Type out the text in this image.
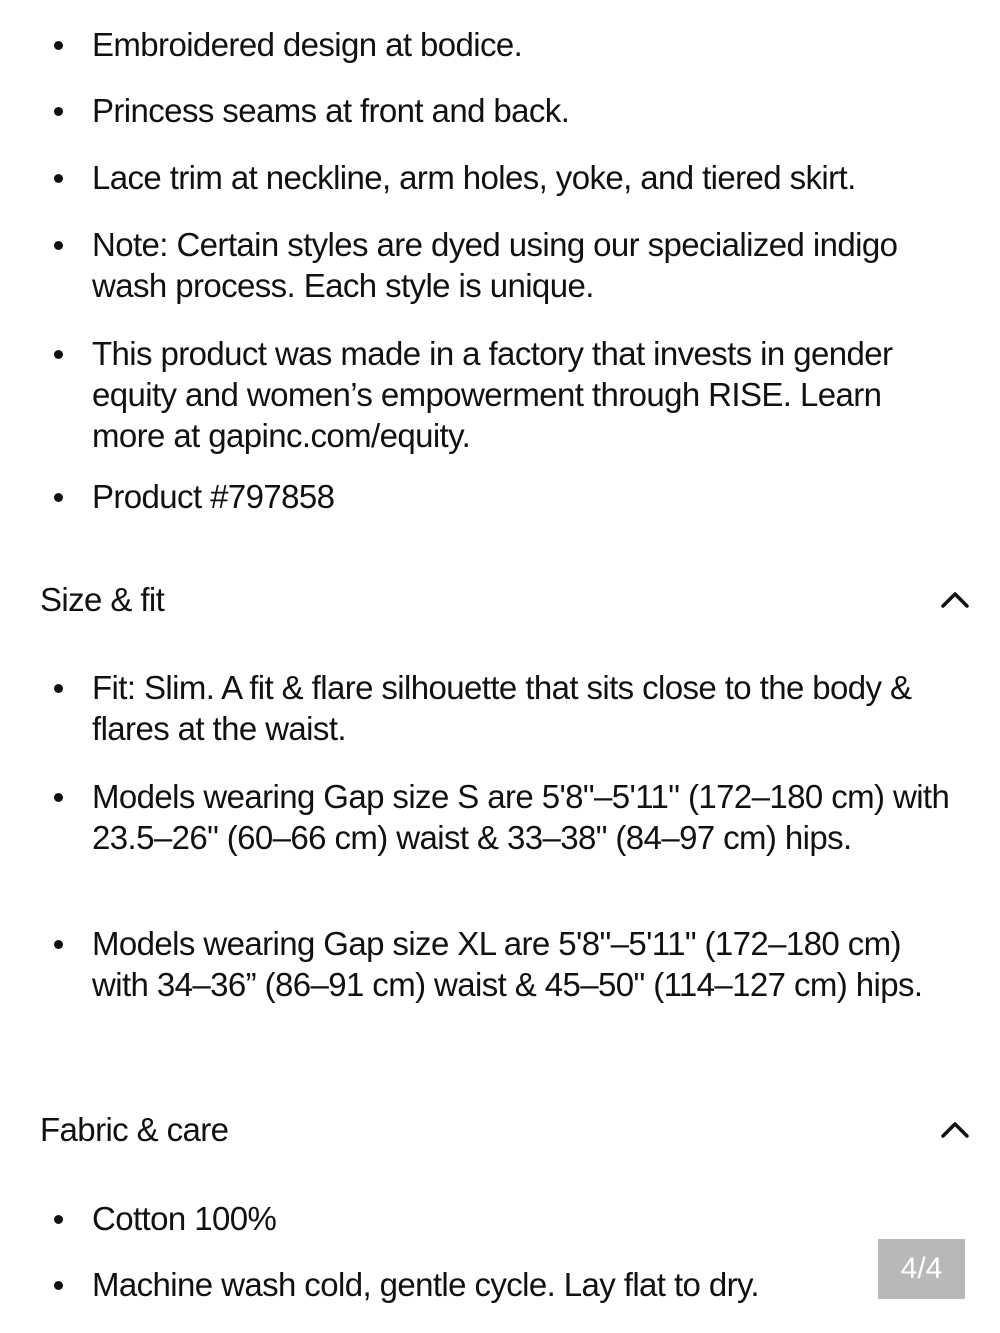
Embroidered design at bodice.
Princess seams at front and back.
Lace trim at neckline, arm holes, yoke, and tiered skirt.
Note: Certain styles are dyed using our specialized indigo wash process. Each style is unique.
This product was made in a factory that invests in gender equity and women’s empowerment through RISE. Learn more at gapinc.com/equity.
Product #797858
Size & fit
Fit: Slim. A fit & flare silhouette that sits close to the body & flares at the waist.
Models wearing Gap size S are 5'8"–5'11" (172–180 cm) with 23.5–26" (60–66 cm) waist & 33–38" (84–97 cm) hips.
Models wearing Gap size XL are 5'8"–5'11" (172–180 cm) with 34–36” (86–91 cm) waist & 45–50" (114–127 cm) hips.
Fabric & care
Cotton 100%
Machine wash cold, gentle cycle. Lay flat to dry.	4/4
